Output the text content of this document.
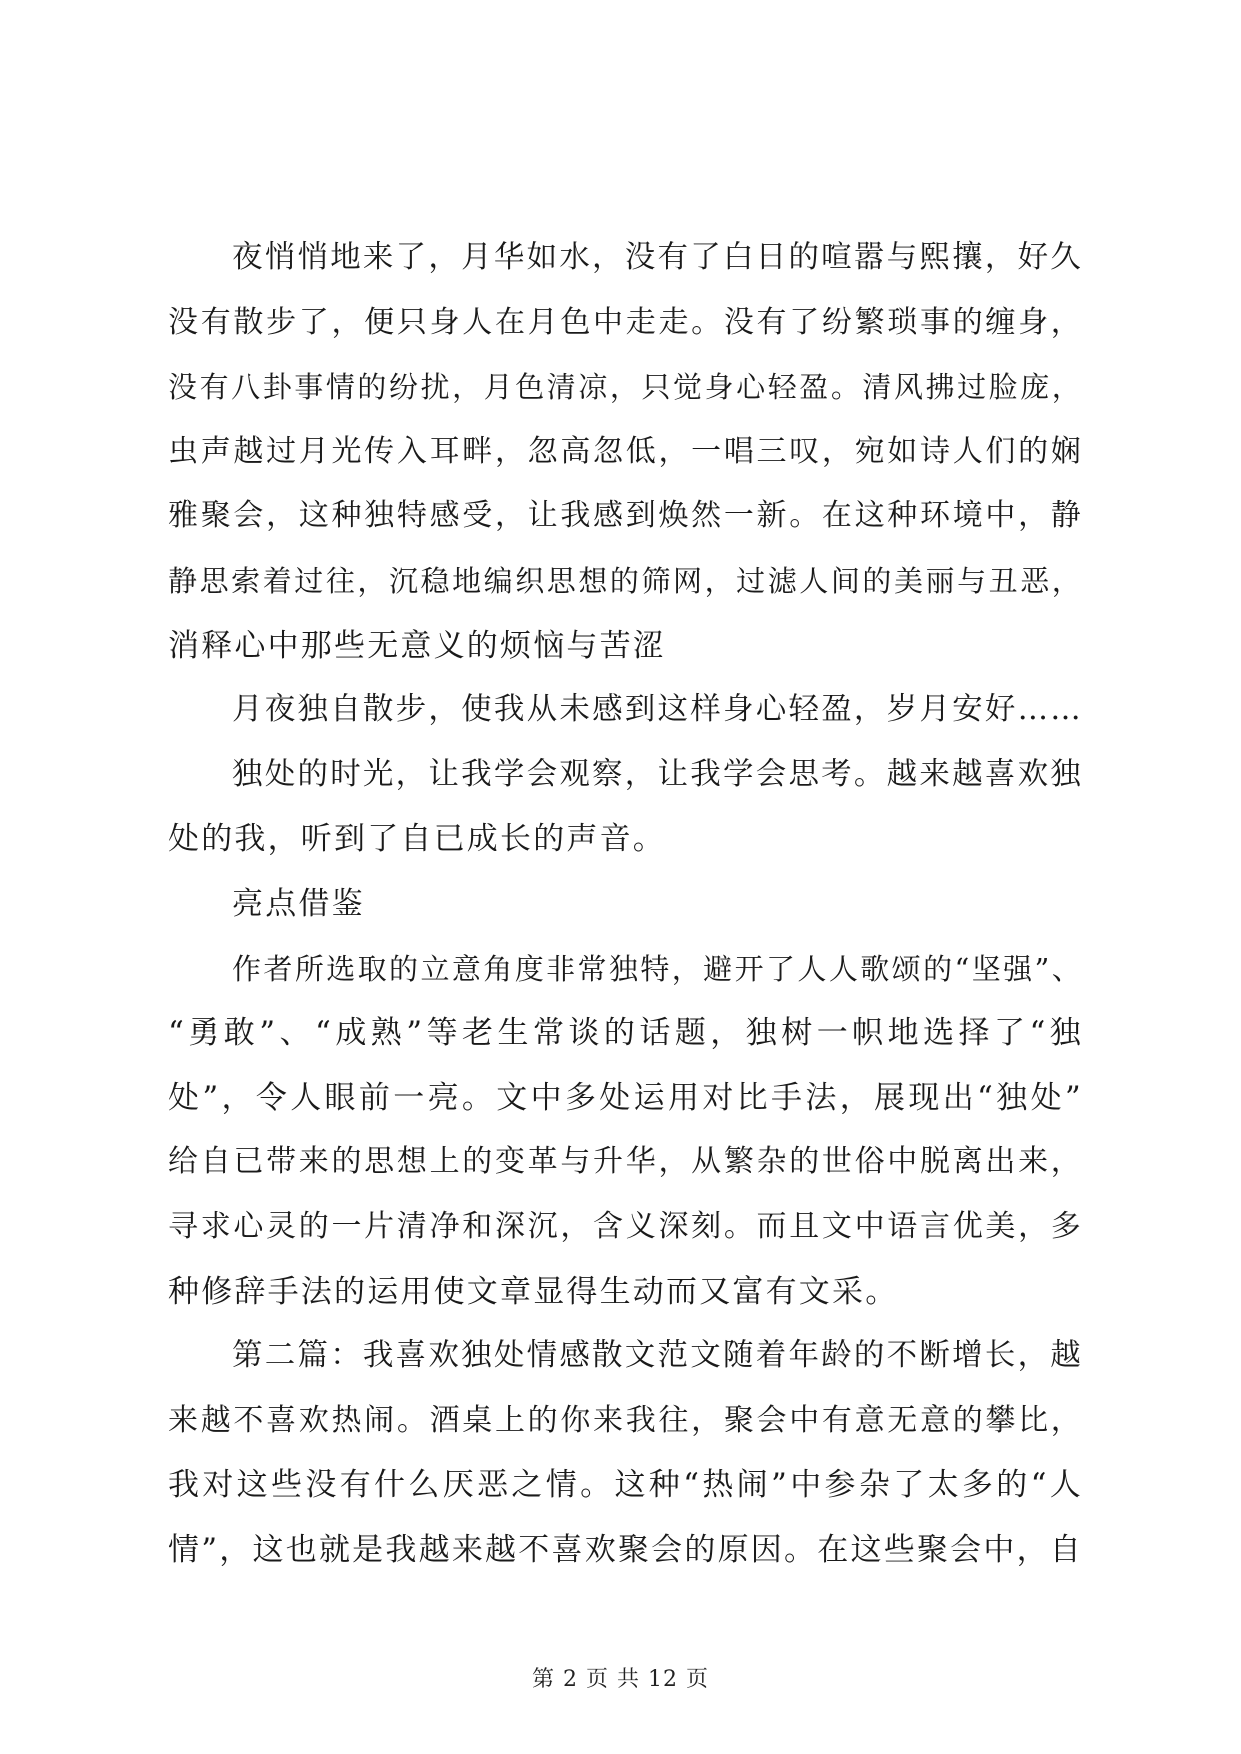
夜悄悄地来了，月华如水，没有了白日的喧嚣与熙攘，好久
没有散步了，便只身人在月色中走走。没有了纷繁琐事的缠身，
没有八卦事情的纷扰，月色清凉，只觉身心轻盈。清风拂过脸庞，
虫声越过月光传入耳畔，忽高忽低，一唱三叹，宛如诗人们的娴
雅聚会，这种独特感受，让我感到焕然一新。在这种环境中，静
静思索着过往，沉稳地编织思想的筛网，过滤人间的美丽与丑恶，
消释心中那些无意义的烦恼与苦涩
月夜独自散步，使我从未感到这样身心轻盈，岁月安好……
独处的时光，让我学会观察，让我学会思考。越来越喜欢独
处的我，听到了自已成长的声音。
亮点借鉴
作者所选取的立意角度非常独特，避开了人人歌颂的“坚强”、
“勇敢”、“成熟”等老生常谈的话题，独树一帜地选择了“独
处”，令人眼前一亮。文中多处运用对比手法，展现出“独处”
给自已带来的思想上的变革与升华，从繁杂的世俗中脱离出来，
寻求心灵的一片清净和深沉，含义深刻。而且文中语言优美，多
种修辞手法的运用使文章显得生动而又富有文采。
第二篇：我喜欢独处情感散文范文随着年龄的不断增长，越
来越不喜欢热闹。酒桌上的你来我往，聚会中有意无意的攀比，
我对这些没有什么厌恶之情。这种“热闹”中参杂了太多的“人
情”，这也就是我越来越不喜欢聚会的原因。在这些聚会中，自
第 2 页 共 12 页
